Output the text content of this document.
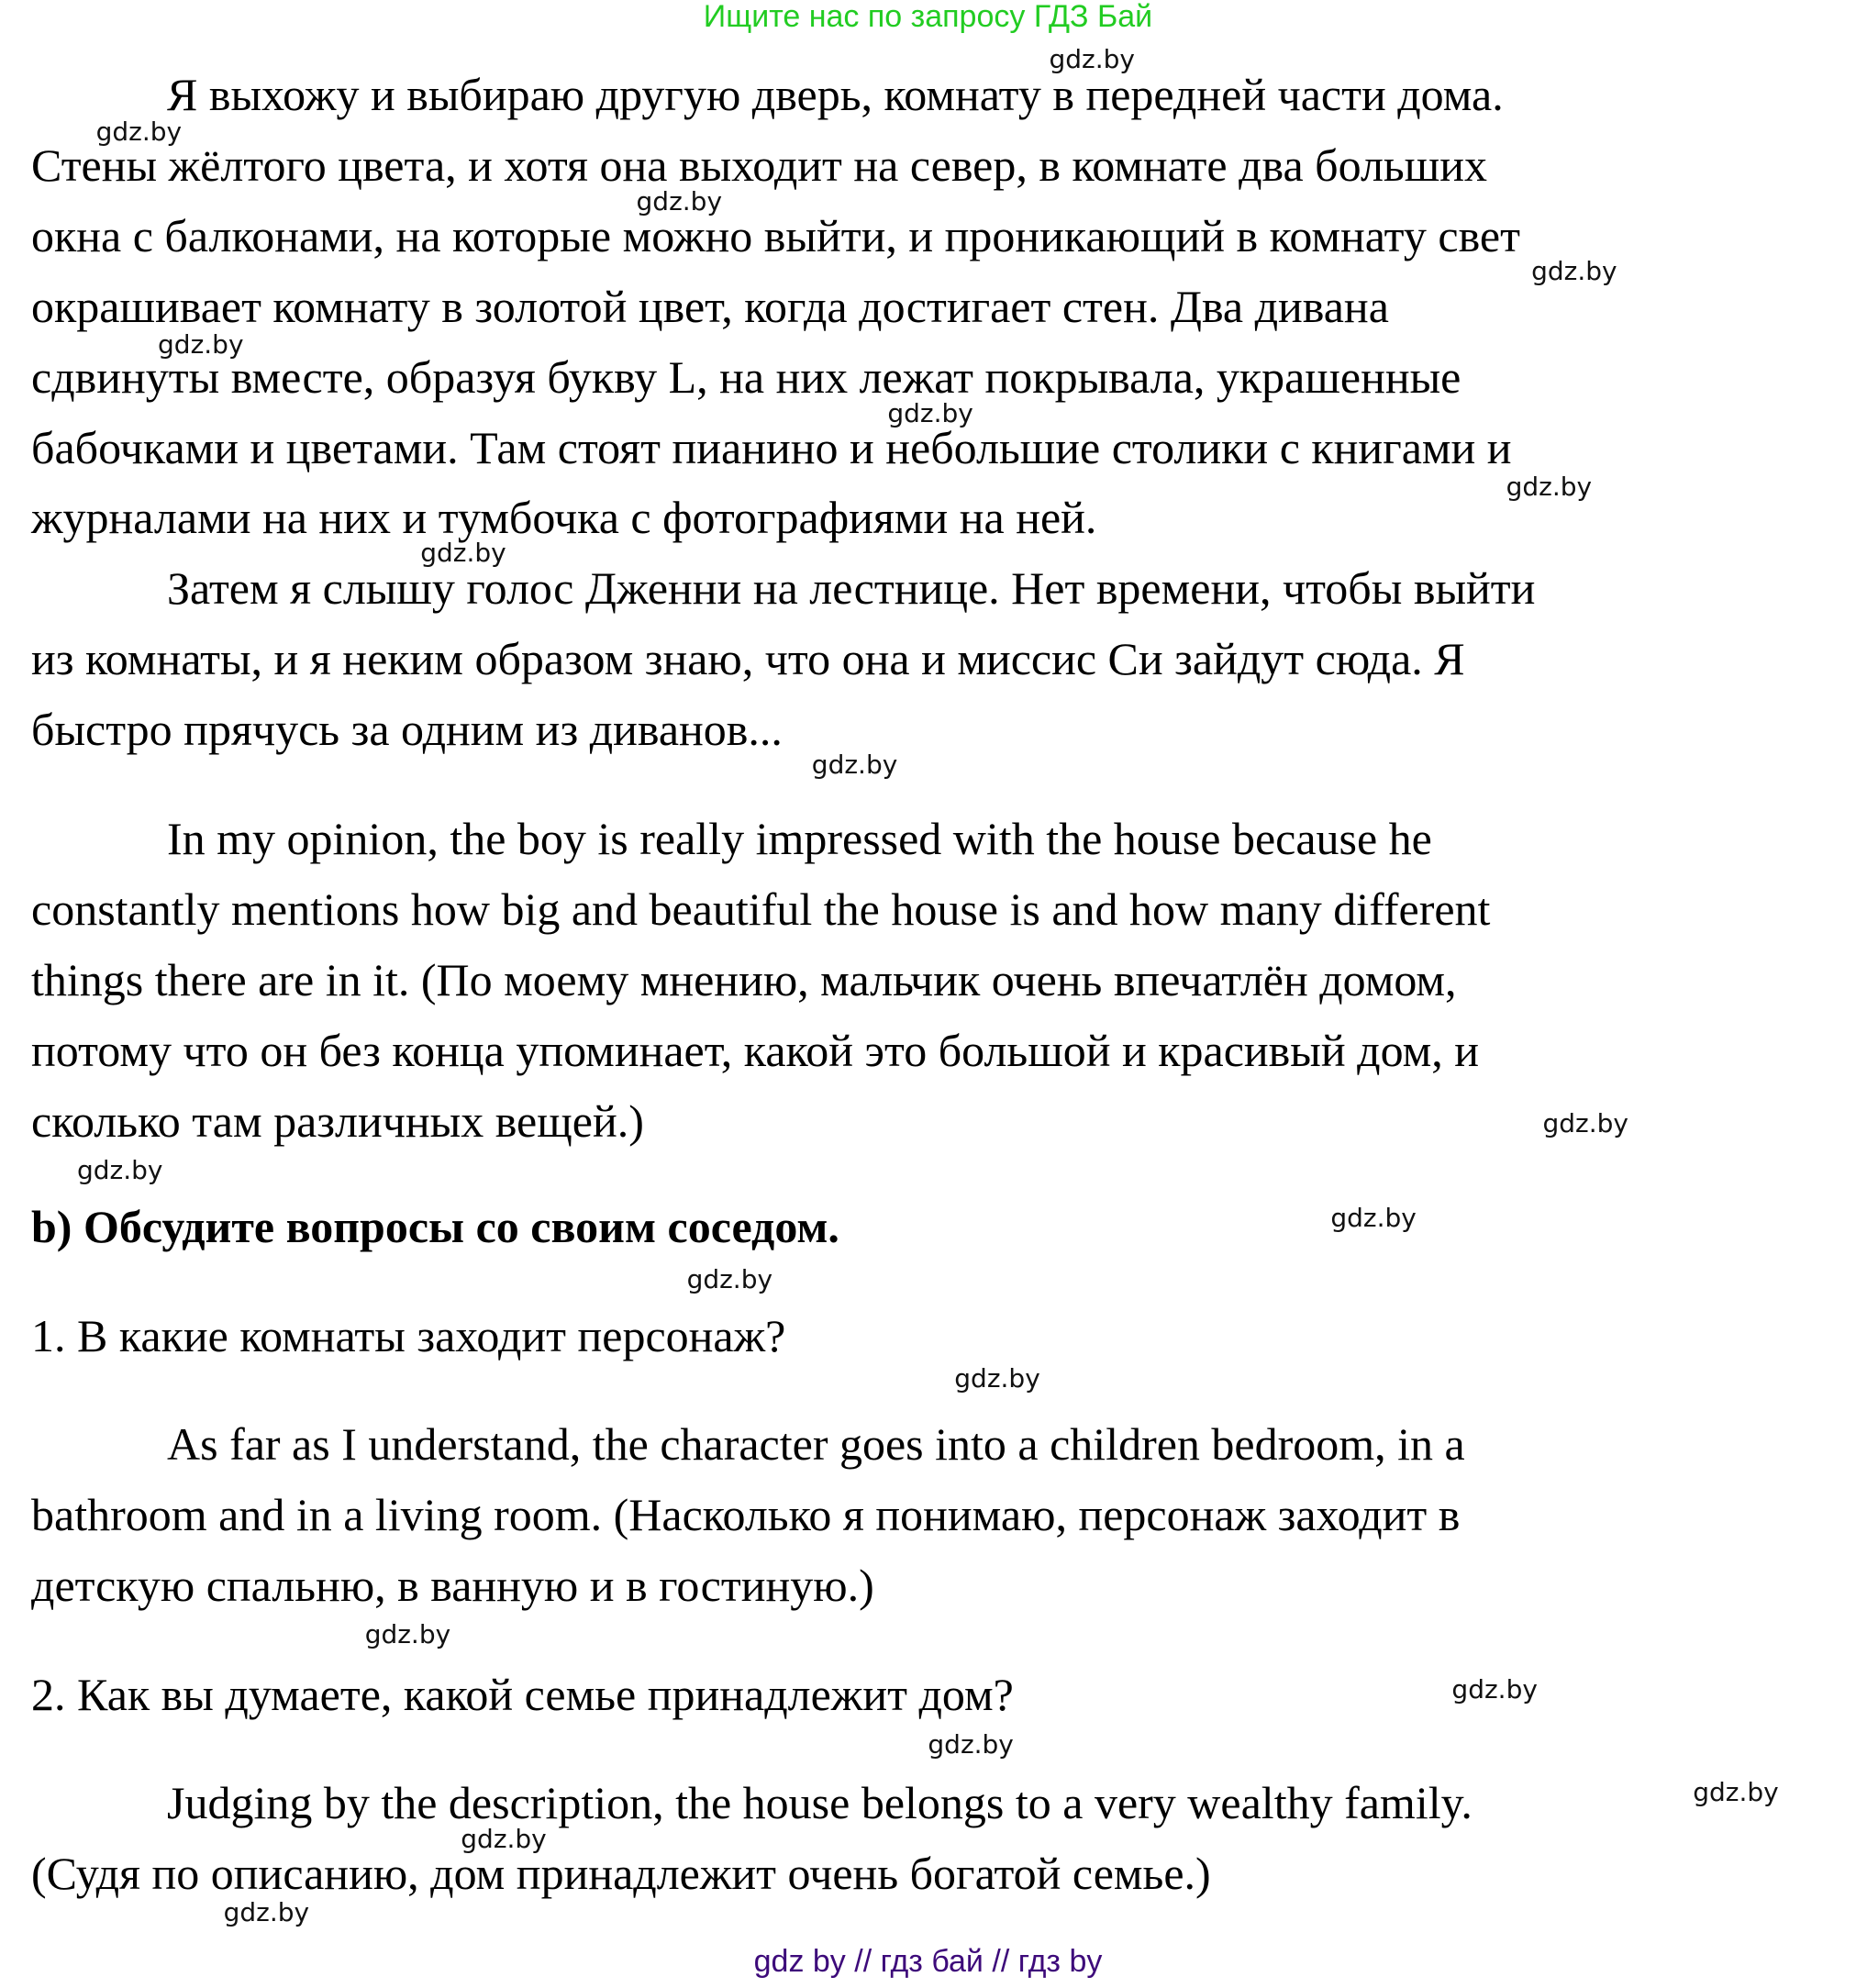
Ищите нас по запросу ГДЗ Бай
Я выхожу и выбираю другую дверь, комнату в передней части дома.
Стены жёлтого цвета, и хотя она выходит на север, в комнате два больших
окна с балконами, на которые можно выйти, и проникающий в комнату свет
окрашивает комнату в золотой цвет, когда достигает стен. Два дивана
сдвинуты вместе, образуя букву L, на них лежат покрывала, украшенные
бабочками и цветами. Там стоят пианино и небольшие столики с книгами и
журналами на них и тумбочка с фотографиями на ней.
Затем я слышу голос Дженни на лестнице. Нет времени, чтобы выйти
из комнаты, и я неким образом знаю, что она и миссис Си зайдут сюда. Я
быстро прячусь за одним из диванов...
In my opinion, the boy is really impressed with the house because he
constantly mentions how big and beautiful the house is and how many different
things there are in it. (По моему мнению, мальчик очень впечатлён домом,
потому что он без конца упоминает, какой это большой и красивый дом, и
сколько там различных вещей.)
b) Обсудите вопросы со своим соседом.
1. В какие комнаты заходит персонаж?
As far as I understand, the character goes into a children bedroom, in a
bathroom and in a living room. (Насколько я понимаю, персонаж заходит в
детскую спальню, в ванную и в гостиную.)
2. Как вы думаете, какой семье принадлежит дом?
Judging by the description, the house belongs to a very wealthy family.
(Судя по описанию, дом принадлежит очень богатой семье.)
gdz.by
gdz.by
gdz.by
gdz.by
gdz.by
gdz.by
gdz.by
gdz.by
gdz.by
gdz.by
gdz.by
gdz.by
gdz.by
gdz.by
gdz.by
gdz.by
gdz.by
gdz.by
gdz.by
gdz.by
gdz by // гдз бай // гдз by
